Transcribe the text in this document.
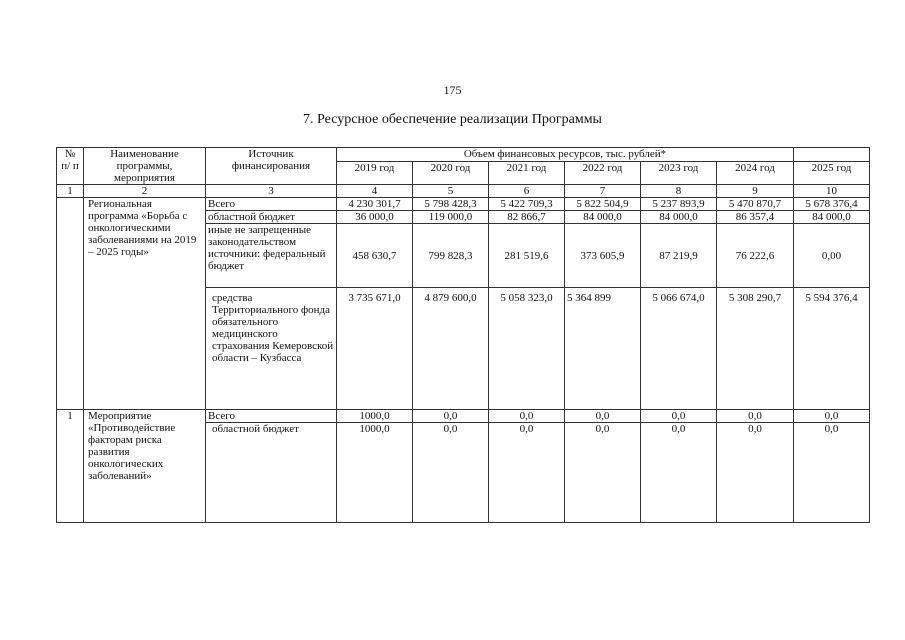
175
7. Ресурсное обеспечение реализации Программы
№ п/ п	Наименование программы, мероприятия	Источник финансирования	Объем финансовых ресурсов, тыс. рублей*						
			2019 год	2020 год	2021 год	2022 год	2023 год	2024 год	2025 год
1	2	3	4	5	6	7	8	9	10
	Региональная программа «Борьба с онкологическими заболеваниями на 2019 – 2025 годы»	Всего	4 230 301,7	5 798 428,3	5 422 709,3	5 822 504,9	5 237 893,9	5 470 870,7	5 678 376,4
		областной бюджет	36 000,0	119 000,0	82 866,7	84 000,0	84 000,0	86 357,4	84 000,0
		иные не запрещенные законодательством источники: федеральный бюджет	458 630,7	799 828,3	281 519,6	373 605,9	87 219,9	76 222,6	0,00
		средства Территориального фонда обязательного медицинского страхования Кемеровской области – Кузбасса	3 735 671,0	4 879 600,0	5 058 323,0	5 364 899	5 066 674,0	5 308 290,7	5 594 376,4
1	Мероприятие «Противодействие факторам риска развития онкологических заболеваний»	Всего	1000,0	0,0	0,0	0,0	0,0	0,0	0,0
		областной бюджет	1000,0	0,0	0,0	0,0	0,0	0,0	0,0
